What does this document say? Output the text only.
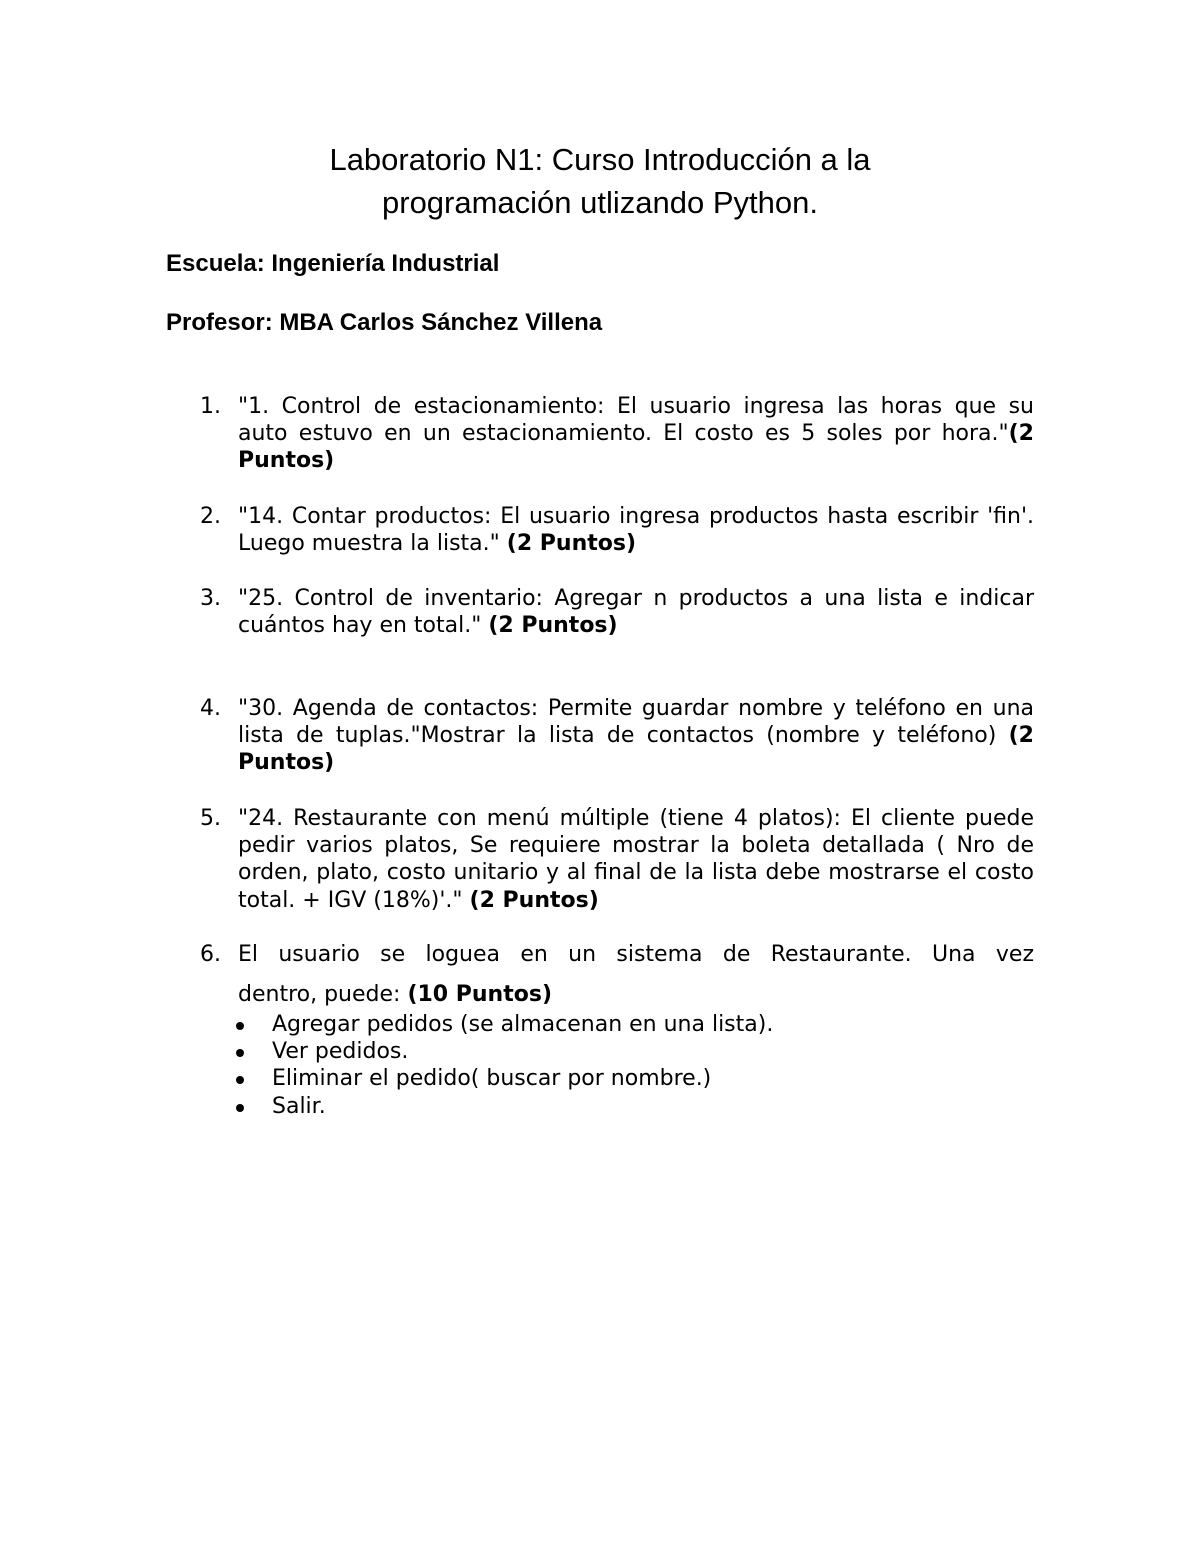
Laboratorio N1: Curso Introducción a la
programación utlizando Python.
Escuela: Ingeniería Industrial
Profesor: MBA Carlos Sánchez Villena
1. "1. Control de estacionamiento: El usuario ingresa las horas que su auto estuvo en un estacionamiento. El costo es 5 soles por hora."(2 Puntos)
2. "14. Contar productos: El usuario ingresa productos hasta escribir 'fin'. Luego muestra la lista." (2 Puntos)
3. "25. Control de inventario: Agregar n productos a una lista e indicar cuántos hay en total." (2 Puntos)
4. "30. Agenda de contactos: Permite guardar nombre y teléfono en una lista de tuplas."Mostrar la lista de contactos (nombre y teléfono) (2 Puntos)
5. "24. Restaurante con menú múltiple (tiene 4 platos): El cliente puede pedir varios platos, Se requiere mostrar la boleta detallada ( Nro de orden, plato, costo unitario y al final de la lista debe mostrarse el costo total. + IGV (18%)'." (2 Puntos)
6. El usuario se loguea en un sistema de Restaurante. Una vez
dentro, puede: (10 Puntos)
Agregar pedidos (se almacenan en una lista).
Ver pedidos.
Eliminar el pedido( buscar por nombre.)
Salir.
